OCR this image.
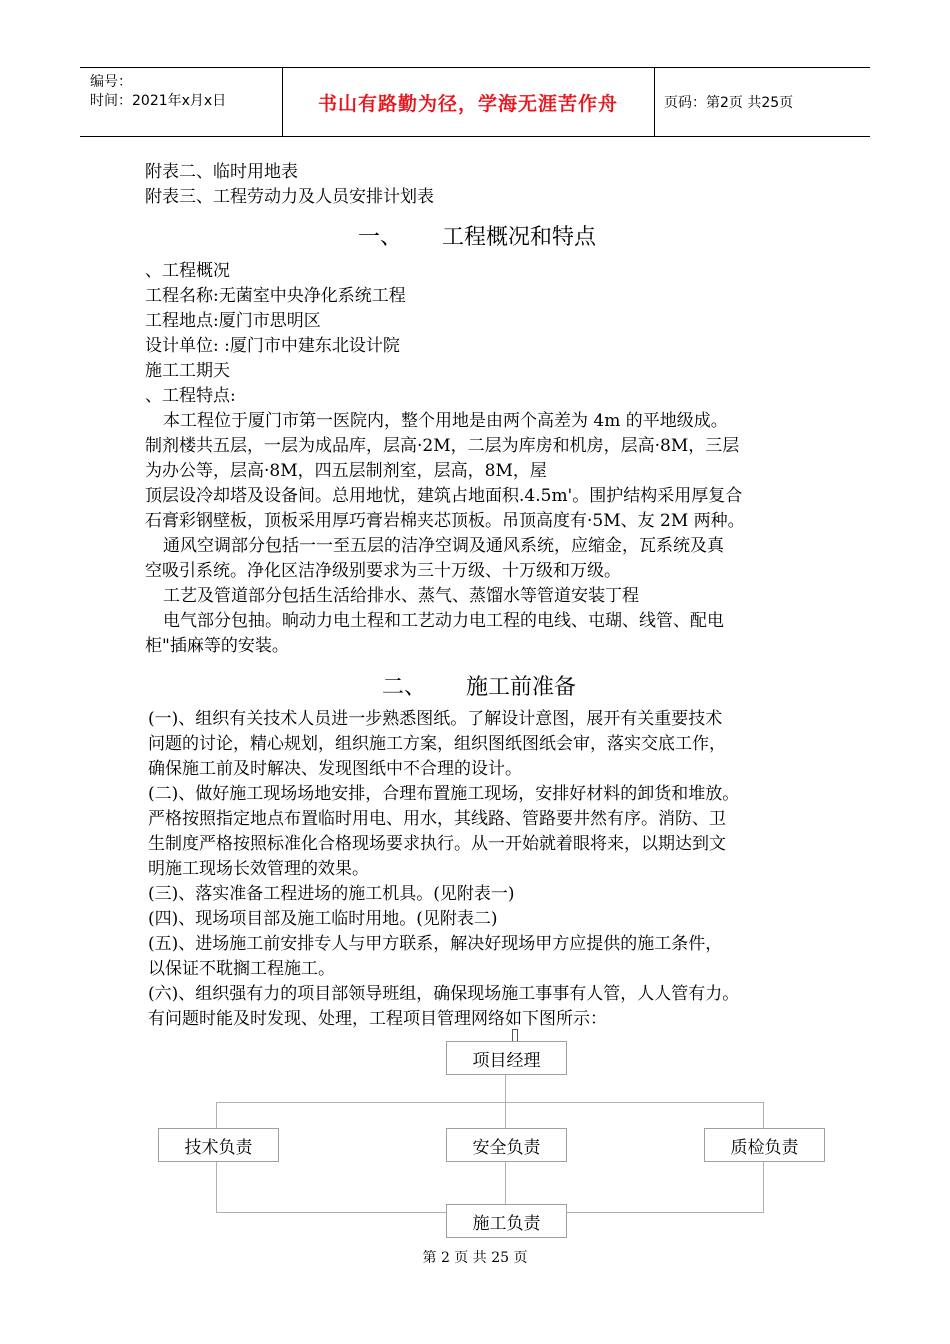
编号：
时间：2021年x月x日	书山有路勤为径，学海无涯苦作舟	页码：第2页 共25页
附表二、临时用地表
附表三、工程劳动力及人员安排计划表
一、 工程概况和特点
、工程概况
工程名称:无菌室中央净化系统工程
工程地点:厦门市思明区
设计单位: :厦门市中建东北设计院
施工工期天
、工程特点:
本工程位于厦门市第一医院内，整个用地是由两个高差为 4m 的平地级成。
制剂楼共五层，一层为成品库，层高·2M，二层为库房和机房，层高·8M，三层
为办公等，层高·8M，四五层制剂室，层高，8M，屋
顶层设冷却塔及设备间。总用地忧，建筑占地面积.4.5m'。围护结构采用厚复合
石膏彩钢壁板，顶板采用厚巧膏岩棉夹芯顶板。吊顶高度有·5M、友 2M 两种。
通风空调部分包括一一至五层的洁净空调及通风系统，应缩金，瓦系统及真
空吸引系统。净化区洁净级别要求为三十万级、十万级和万级。
工艺及管道部分包括生活给排水、蒸气、蒸馏水等管道安装丁程
电气部分包抽。晌动力电土程和工艺动力电工程的电线、屯瑚、线管、配电
柜"插麻等的安装。
二、 施工前准备
(一)、组织有关技术人员进一步熟悉图纸。了解设计意图，展开有关重要技术
问题的讨论，精心规划，组织施工方案，组织图纸图纸会审，落实交底工作，
确保施工前及时解决、发现图纸中不合理的设计。
(二)、做好施工现场场地安排，合理布置施工现场，安排好材料的卸货和堆放。
严格按照指定地点布置临时用电、用水，其线路、管路要井然有序。消防、卫
生制度严格按照标准化合格现场要求执行。从一开始就着眼将来，以期达到文
明施工现场长效管理的效果。
(三)、落实准备工程进场的施工机具。(见附表一)
(四)、现场项目部及施工临时用地。(见附表二)
(五)、进场施工前安排专人与甲方联系，解决好现场甲方应提供的施工条件，
以保证不耽搁工程施工。
(六)、组织强有力的项目部领导班组，确保现场施工事事有人管，人人管有力。
有问题时能及时发现、处理，工程项目管理网络如下图所示：
项目经理
技术负责	安全负责	质检负责
施工负责
第 2 页 共 25 页
